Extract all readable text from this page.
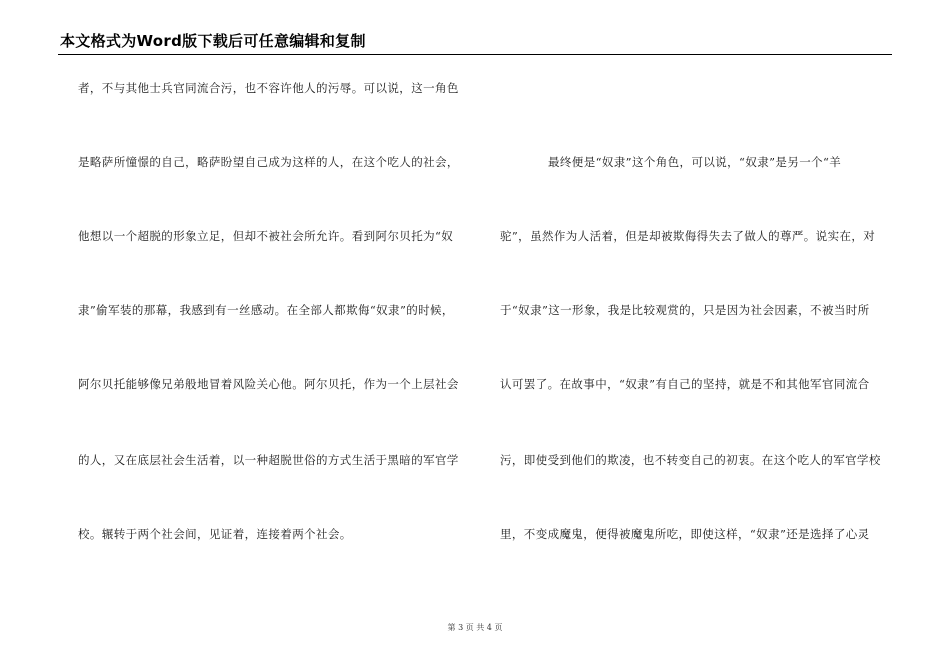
本文格式为Word版下载后可任意编辑和复制
者，不与其他士兵官同流合污，也不容许他人的污辱。可以说，这一角色
是略萨所憧憬的自己，略萨盼望自己成为这样的人，在这个吃人的社会，
他想以一个超脱的形象立足，但却不被社会所允许。看到阿尔贝托为“奴
隶”偷军装的那幕，我感到有一丝感动。在全部人都欺侮“奴隶”的时候，
阿尔贝托能够像兄弟般地冒着风险关心他。阿尔贝托，作为一个上层社会
的人，又在底层社会生活着，以一种超脱世俗的方式生活于黑暗的军官学
校。辗转于两个社会间，见证着，连接着两个社会。
最终便是“奴隶”这个角色，可以说，“奴隶”是另一个“羊
驼”，虽然作为人活着，但是却被欺侮得失去了做人的尊严。说实在，对
于“奴隶”这一形象，我是比较观赏的，只是因为社会因素，不被当时所
认可罢了。在故事中，“奴隶”有自己的坚持，就是不和其他军官同流合
污，即使受到他们的欺凌，也不转变自己的初衷。在这个吃人的军官学校
里，不变成魔鬼，便得被魔鬼所吃，即使这样，“奴隶”还是选择了心灵
第 3 页 共 4 页
